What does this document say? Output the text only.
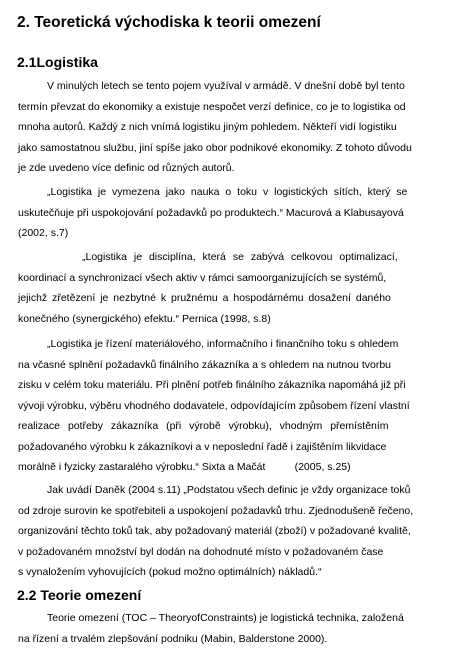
2. Teoretická východiska k teorii omezení
2.1Logistika
V minulých letech se tento pojem využíval v armádě. V dnešní době byl tento
termín převzat do ekonomiky a existuje nespočet verzí definice, co je to logistika od
mnoha autorů. Každý z nich vnímá logistiku jiným pohledem. Někteří vidí logistiku
jako samostatnou službu, jiní spíše jako obor podnikové ekonomiky. Z tohoto důvodu
je zde uvedeno více definic od různých autorů.
„Logistika je vymezena jako nauka o toku v logistických sítích, který se
uskutečňuje při uspokojování požadavků po produktech.“ Macurová a Klabusayová
(2002, s.7)
„Logistika je disciplína, která se zabývá celkovou optimalizací,
koordinací a synchronizací všech aktiv v rámci samoorganizujících se systémů,
jejichž zřetězení je nezbytné k pružnému a hospodárnému dosažení daného
konečného (synergického) efektu.“ Pernica (1998, s.8)
„Logistika je řízení materiálového, informačního i finančního toku s ohledem
na včasné splnění požadavků finálního zákazníka a s ohledem na nutnou tvorbu
zisku v celém toku materiálu. Při plnění potřeb finálního zákazníka napomáhá již při
vývoji výrobku, výběru vhodného dodavatele, odpovídajícím způsobem řízení vlastní
realizace potřeby zákazníka (při výrobě výrobku), vhodným přemístěním
požadovaného výrobku k zákazníkovi a v neposlední řadě i zajištěním likvidace
morálně i fyzicky zastaralého výrobku.“ Sixta a Mačát          (2005, s.25)
Jak uvádí Daněk (2004 s.11) „Podstatou všech definic je vždy organizace toků
od zdroje surovin ke spotřebiteli a uspokojení požadavků trhu. Zjednodušeně řečeno,
organizování těchto toků tak, aby požadovaný materiál (zboží) v požadované kvalitě,
v požadovaném množství byl dodán na dohodnuté místo v požadovaném čase
s vynaložením vyhovujících (pokud možno optimálních) nákladů.“
2.2 Teorie omezení
Teorie omezení (TOC – TheoryofConstraints) je logistická technika, založená
na řízení a trvalém zlepšování podniku (Mabin, Balderstone 2000).
